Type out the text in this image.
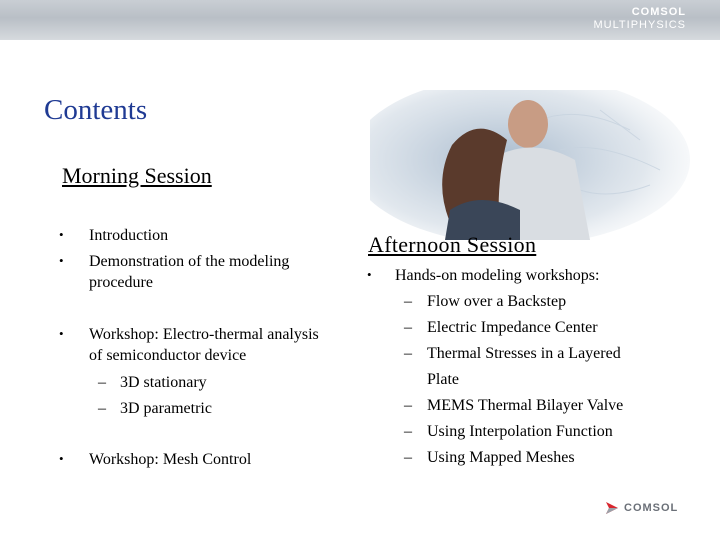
COMSOL
MULTIPHYSICS
Contents
Morning Session
• Introduction
• Demonstration of the modeling
procedure
• Workshop: Electro-thermal analysis
of semiconductor device
– 3D stationary
– 3D parametric
• Workshop: Mesh Control
Afternoon Session
• Hands-on modeling workshops:
– Flow over a Backstep
– Electric Impedance Center
– Thermal Stresses in a Layered
Plate
– MEMS Thermal Bilayer Valve
– Using Interpolation Function
– Using Mapped Meshes
COMSOL
